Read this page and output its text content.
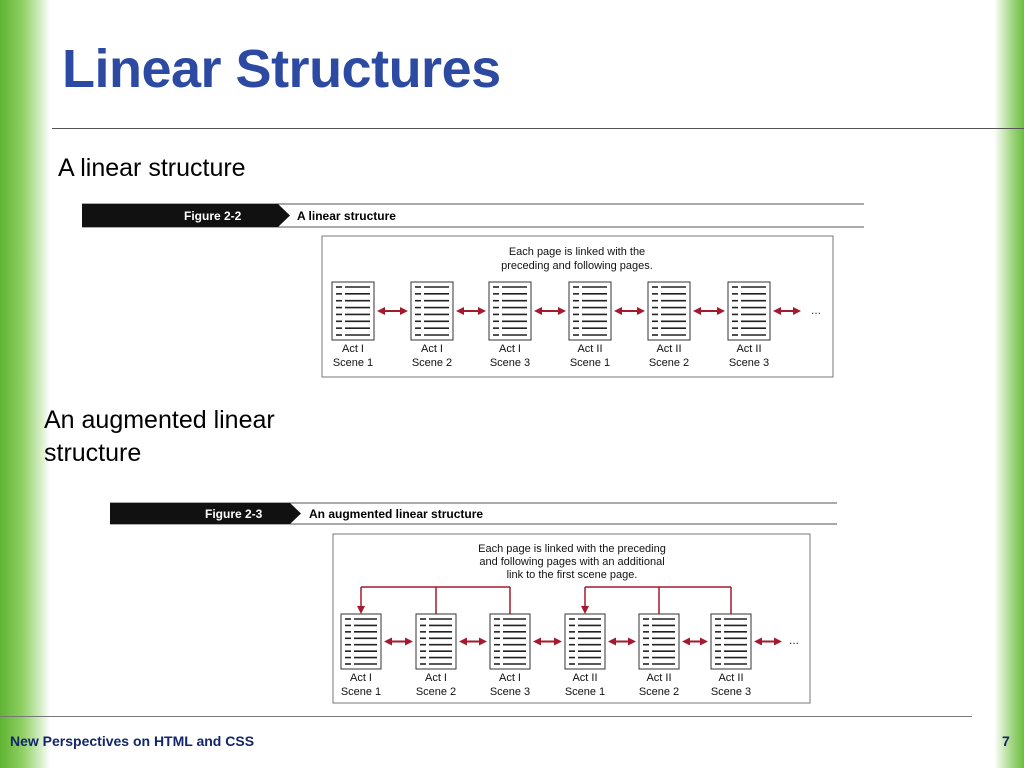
Linear Structures
A linear structure
Figure 2-2	A linear structure
Each page is linked with the
preceding and following pages.
Act I
Scene 1
Act I
Scene 2
Act I
Scene 3
Act II
Scene 1
Act II
Scene 2
Act II
Scene 3
...
An augmented linear
structure
Figure 2-3	An augmented linear structure
Each page is linked with the preceding
and following pages with an additional
link to the first scene page.
Act I
Scene 1
Act I
Scene 2
Act I
Scene 3
Act II
Scene 1
Act II
Scene 2
Act II
Scene 3
...
New Perspectives on HTML and CSS	7
